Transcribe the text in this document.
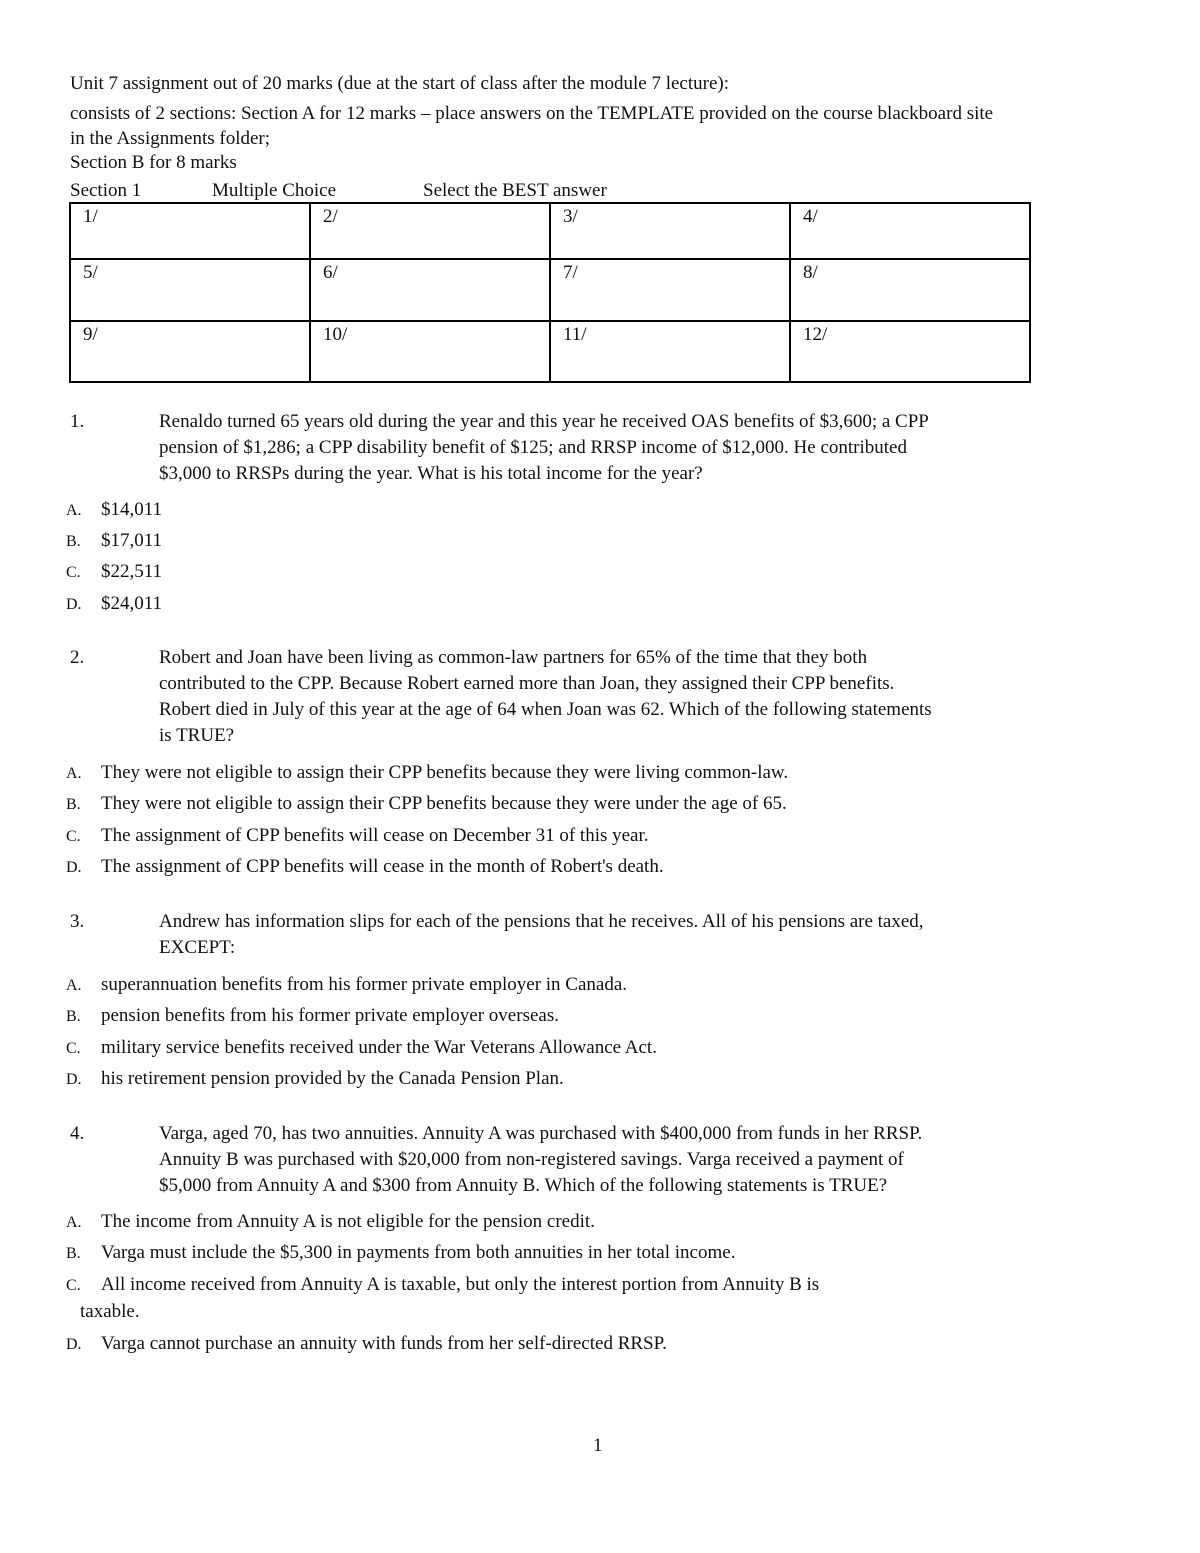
Unit 7 assignment out of 20 marks (due at the start of class after the module 7 lecture):
consists of 2 sections: Section A for 12 marks – place answers on the TEMPLATE provided on the course blackboard site
in the Assignments folder;
Section B for 8 marks
Section 1	Multiple Choice	Select the BEST answer
1/	2/	3/	4/
5/	6/	7/	8/
9/	10/	11/	12/
1.	Renaldo turned 65 years old during the year and this year he received OAS benefits of $3,600; a CPP
pension of $1,286; a CPP disability benefit of $125; and RRSP income of $12,000. He contributed
$3,000 to RRSPs during the year. What is his total income for the year?
A. $14,011
B. $17,011
C. $22,511
D. $24,011
2.	Robert and Joan have been living as common-law partners for 65% of the time that they both
contributed to the CPP. Because Robert earned more than Joan, they assigned their CPP benefits.
Robert died in July of this year at the age of 64 when Joan was 62. Which of the following statements
is TRUE?
A. They were not eligible to assign their CPP benefits because they were living common-law.
B. They were not eligible to assign their CPP benefits because they were under the age of 65.
C. The assignment of CPP benefits will cease on December 31 of this year.
D. The assignment of CPP benefits will cease in the month of Robert's death.
3.	Andrew has information slips for each of the pensions that he receives. All of his pensions are taxed,
EXCEPT:
A. superannuation benefits from his former private employer in Canada.
B. pension benefits from his former private employer overseas.
C. military service benefits received under the War Veterans Allowance Act.
D. his retirement pension provided by the Canada Pension Plan.
4.	Varga, aged 70, has two annuities. Annuity A was purchased with $400,000 from funds in her RRSP.
Annuity B was purchased with $20,000 from non-registered savings. Varga received a payment of
$5,000 from Annuity A and $300 from Annuity B. Which of the following statements is TRUE?
A. The income from Annuity A is not eligible for the pension credit.
B. Varga must include the $5,300 in payments from both annuities in her total income.
C. All income received from Annuity A is taxable, but only the interest portion from Annuity B is
taxable.
D. Varga cannot purchase an annuity with funds from her self-directed RRSP.
1
